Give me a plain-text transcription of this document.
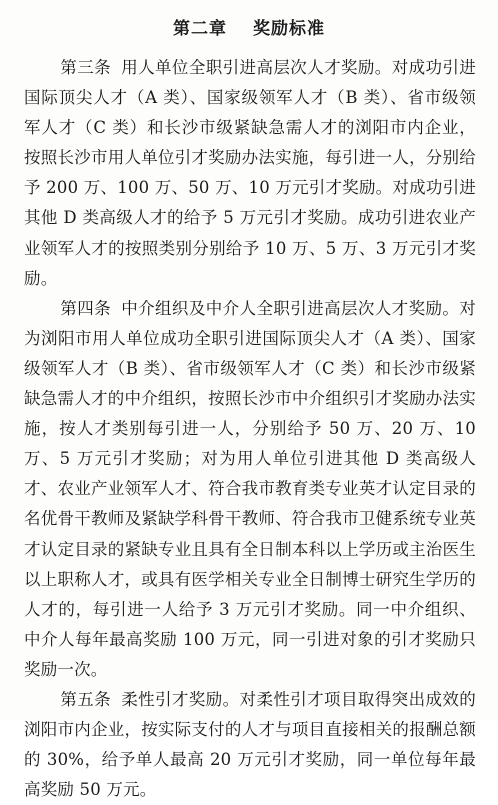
第二章 奖励标准

第三条 用人单位全职引进高层次人才奖励。对成功引进国际顶尖人才（A 类）、国家级领军人才（B 类）、省市级领军人才（C 类）和长沙市级紧缺急需人才的浏阳市内企业，按照长沙市用人单位引才奖励办法实施，每引进一人，分别给予 200 万、100 万、50 万、10 万元引才奖励。对成功引进其他 D 类高级人才的给予 5 万元引才奖励。成功引进农业产业领军人才的按照类别分别给予 10 万、5 万、3 万元引才奖励。

第四条 中介组织及中介人全职引进高层次人才奖励。对为浏阳市用人单位成功全职引进国际顶尖人才（A 类）、国家级领军人才（B 类）、省市级领军人才（C 类）和长沙市级紧缺急需人才的中介组织，按照长沙市中介组织引才奖励办法实施，按人才类别每引进一人，分别给予 50 万、20 万、10 万、5 万元引才奖励；对为用人单位引进其他 D 类高级人才、农业产业领军人才、符合我市教育类专业英才认定目录的名优骨干教师及紧缺学科骨干教师、符合我市卫健系统专业英才认定目录的紧缺专业且具有全日制本科以上学历或主治医生以上职称人才，或具有医学相关专业全日制博士研究生学历的人才的，每引进一人给予 3 万元引才奖励。同一中介组织、中介人每年最高奖励 100 万元，同一引进对象的引才奖励只奖励一次。

第五条 柔性引才奖励。对柔性引才项目取得突出成效的浏阳市内企业，按实际支付的人才与项目直接相关的报酬总额的 30%，给予单人最高 20 万元引才奖励，同一单位每年最高奖励 50 万元。
